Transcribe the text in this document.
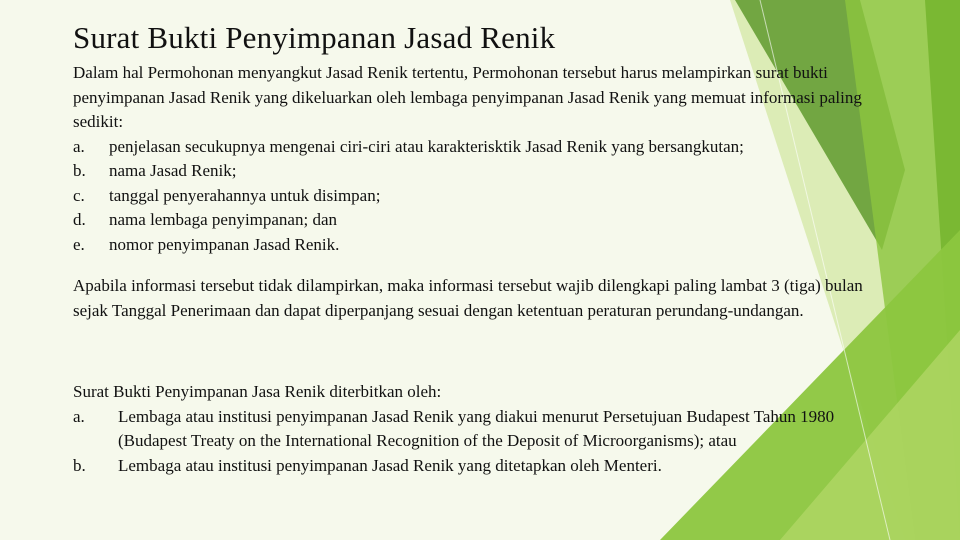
Surat Bukti Penyimpanan Jasad Renik

Dalam hal Permohonan menyangkut Jasad Renik tertentu, Permohonan tersebut harus melampirkan surat bukti penyimpanan Jasad Renik yang dikeluarkan oleh lembaga penyimpanan Jasad Renik yang memuat informasi paling sedikit:

a.	penjelasan secukupnya mengenai ciri-ciri atau karakterisktik Jasad Renik yang bersangkutan;
b.	nama Jasad Renik;
c.	tanggal penyerahannya untuk disimpan;
d.	nama lembaga penyimpanan; dan
e.	nomor penyimpanan Jasad Renik.

Apabila informasi tersebut tidak dilampirkan, maka informasi tersebut wajib dilengkapi paling lambat 3 (tiga) bulan sejak Tanggal Penerimaan dan dapat diperpanjang sesuai dengan ketentuan peraturan perundang-undangan.

Surat Bukti Penyimpanan Jasa Renik diterbitkan oleh:

a.	Lembaga atau institusi penyimpanan Jasad Renik yang diakui menurut Persetujuan Budapest Tahun 1980 (Budapest Treaty on the International Recognition of the Deposit of Microorganisms); atau
b.	Lembaga atau institusi penyimpanan Jasad Renik yang ditetapkan oleh Menteri.
